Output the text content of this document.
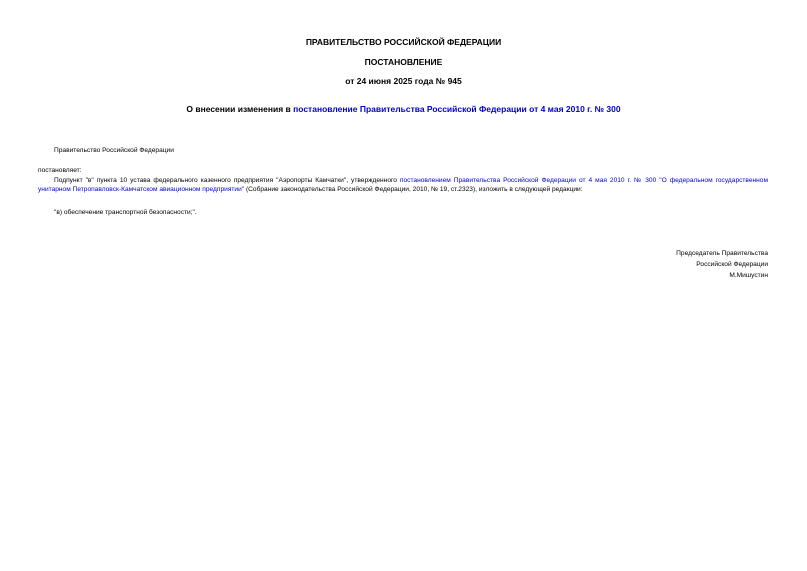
ПРАВИТЕЛЬСТВО РОССИЙСКОЙ ФЕДЕРАЦИИ
ПОСТАНОВЛЕНИЕ
от 24 июня 2025 года № 945
О внесении изменения в постановление Правительства Российской Федерации от 4 мая 2010 г. № 300
Правительство Российской Федерации
постановляет:
Подпункт "в" пункта 10 устава федерального казенного предприятия "Аэропорты Камчатки", утвержденного постановлением Правительства Российской Федерации от 4 мая 2010 г. № 300 "О федеральном государственном унитарном Петропавловск-Камчатском авиационном предприятии" (Собрание законодательства Российской Федерации, 2010, № 19, ст.2323), изложить в следующей редакции:
"в) обеспечение транспортной безопасности;".
Председатель Правительства
Российской Федерации
М.Мишустин
